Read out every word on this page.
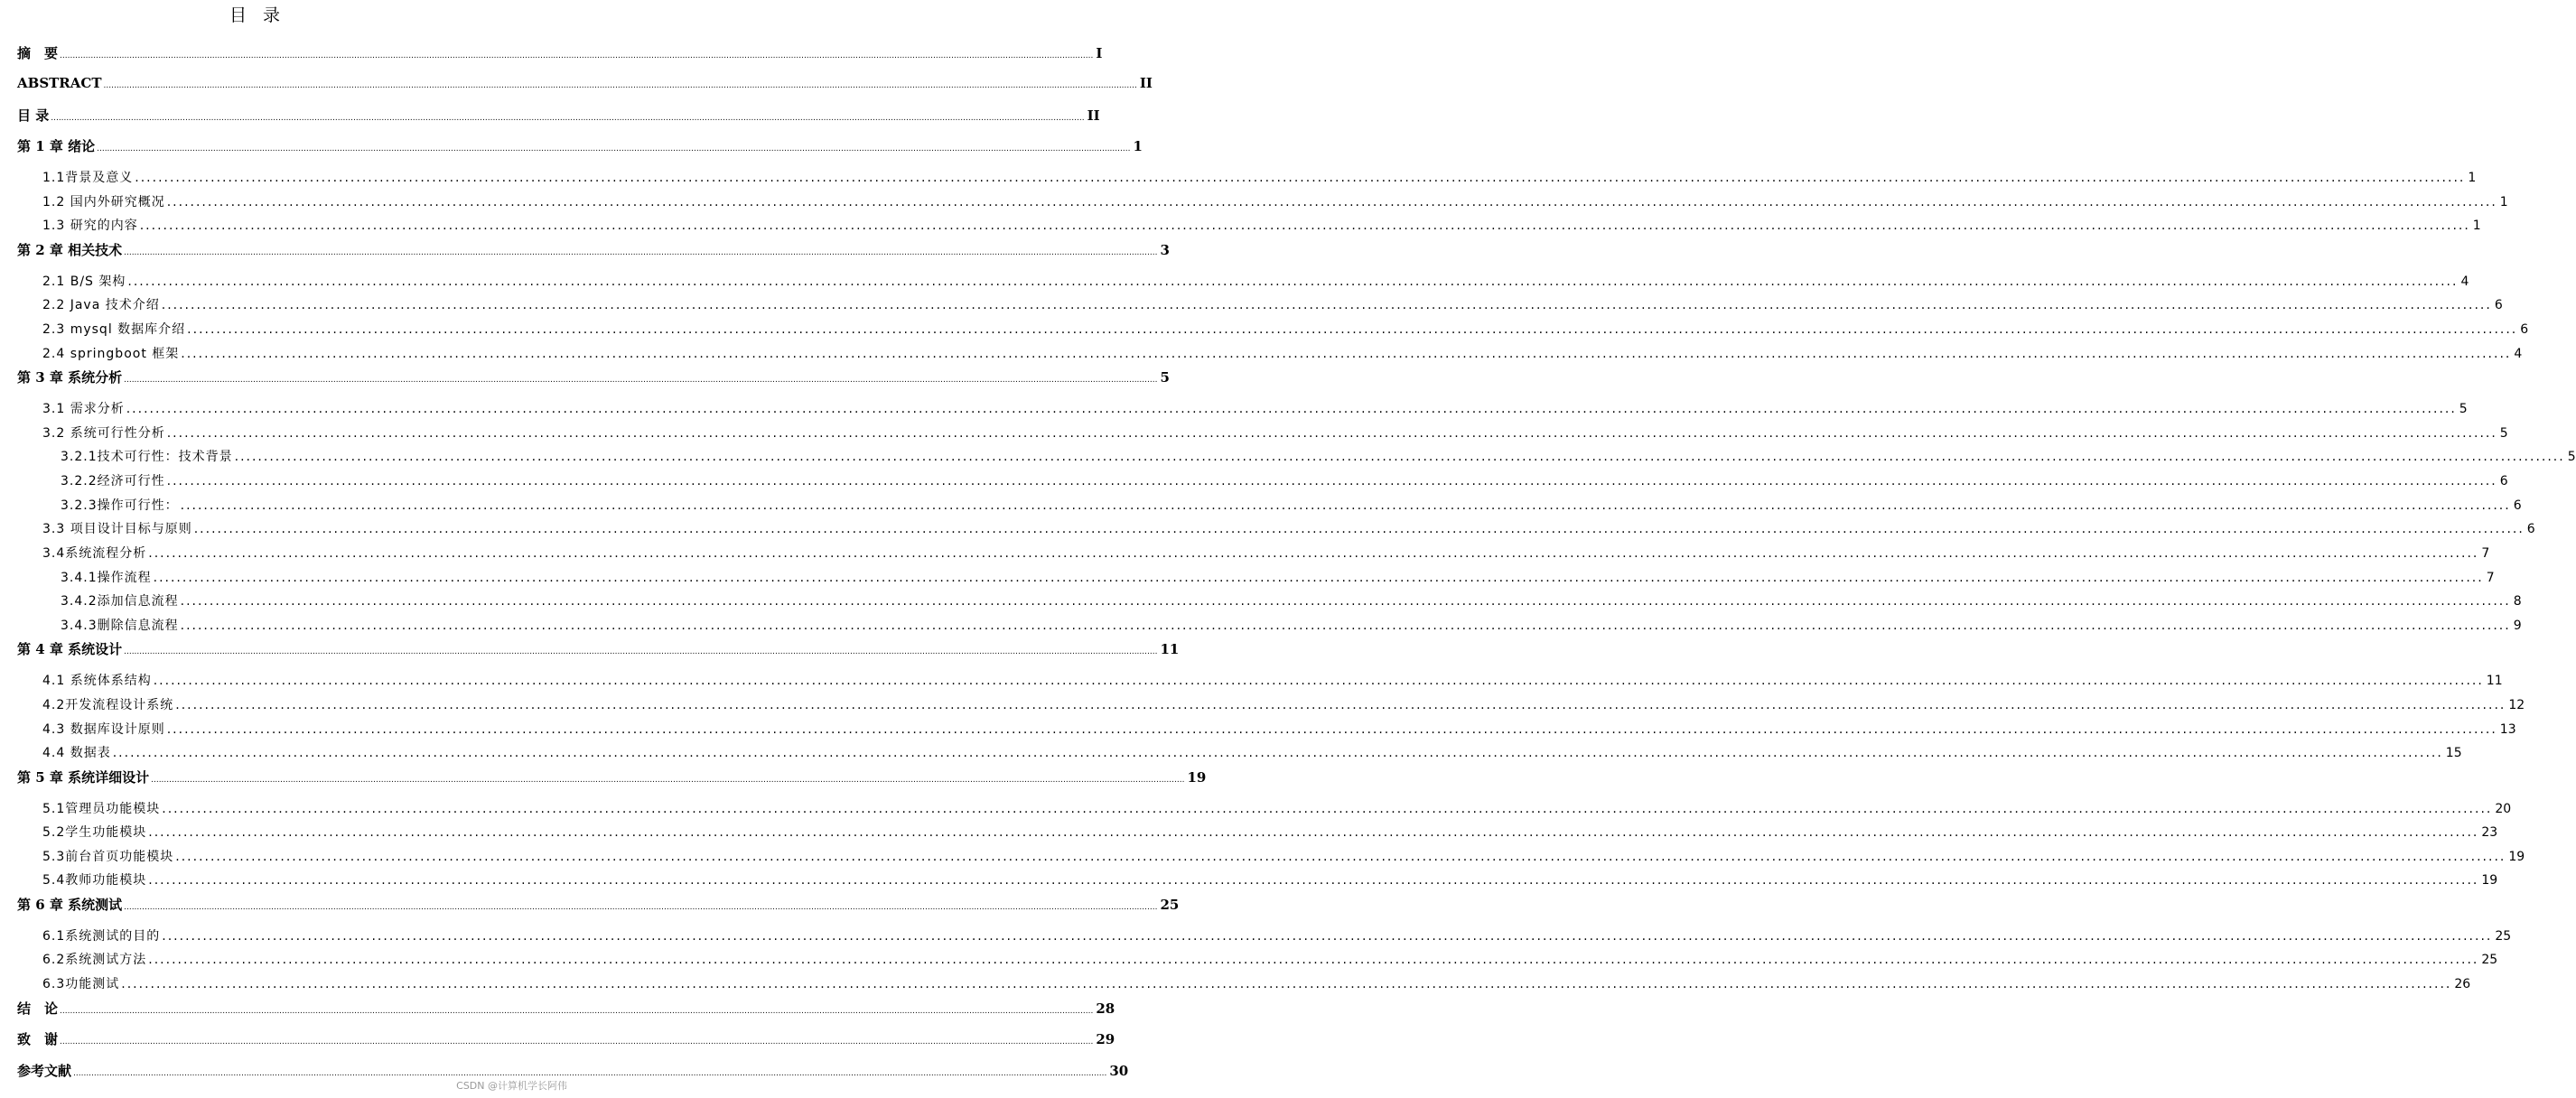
目 录
摘　要 ................................................................................................................................................................................................................................................................................................................................................................................................................ I
ABSTRACT ................................................................................................................................................................................................................................................................................................................................................................................................................ II
目 录 ................................................................................................................................................................................................................................................................................................................................................................................................................ II
第 1 章 绪论 ................................................................................................................................................................................................................................................................................................................................................................................................................ 1
1.1背景及意义 ................................................................................................................................................................................................................................................................................................................................................................................................................ 1
1.2 国内外研究概况 ................................................................................................................................................................................................................................................................................................................................................................................................................ 1
1.3 研究的内容 ................................................................................................................................................................................................................................................................................................................................................................................................................ 1
第 2 章 相关技术 ................................................................................................................................................................................................................................................................................................................................................................................................................ 3
2.1 B/S 架构 ................................................................................................................................................................................................................................................................................................................................................................................................................ 4
2.2 Java 技术介绍 ................................................................................................................................................................................................................................................................................................................................................................................................................ 6
2.3 mysql 数据库介绍 ................................................................................................................................................................................................................................................................................................................................................................................................................ 6
2.4 springboot 框架 ................................................................................................................................................................................................................................................................................................................................................................................................................ 4
第 3 章 系统分析 ................................................................................................................................................................................................................................................................................................................................................................................................................ 5
3.1 需求分析 ................................................................................................................................................................................................................................................................................................................................................................................................................ 5
3.2 系统可行性分析 ................................................................................................................................................................................................................................................................................................................................................................................................................ 5
3.2.1技术可行性：技术背景 ................................................................................................................................................................................................................................................................................................................................................................................................................ 5
3.2.2经济可行性 ................................................................................................................................................................................................................................................................................................................................................................................................................ 6
3.2.3操作可行性： ................................................................................................................................................................................................................................................................................................................................................................................................................ 6
3.3 项目设计目标与原则 ................................................................................................................................................................................................................................................................................................................................................................................................................ 6
3.4系统流程分析 ................................................................................................................................................................................................................................................................................................................................................................................................................ 7
3.4.1操作流程 ................................................................................................................................................................................................................................................................................................................................................................................................................ 7
3.4.2添加信息流程 ................................................................................................................................................................................................................................................................................................................................................................................................................ 8
3.4.3删除信息流程 ................................................................................................................................................................................................................................................................................................................................................................................................................ 9
第 4 章 系统设计 ................................................................................................................................................................................................................................................................................................................................................................................................................ 11
4.1 系统体系结构 ................................................................................................................................................................................................................................................................................................................................................................................................................ 11
4.2开发流程设计系统 ................................................................................................................................................................................................................................................................................................................................................................................................................ 12
4.3 数据库设计原则 ................................................................................................................................................................................................................................................................................................................................................................................................................ 13
4.4 数据表 ................................................................................................................................................................................................................................................................................................................................................................................................................ 15
第 5 章 系统详细设计 ................................................................................................................................................................................................................................................................................................................................................................................................................ 19
5.1管理员功能模块 ................................................................................................................................................................................................................................................................................................................................................................................................................ 20
5.2学生功能模块 ................................................................................................................................................................................................................................................................................................................................................................................................................ 23
5.3前台首页功能模块 ................................................................................................................................................................................................................................................................................................................................................................................................................ 19
5.4教师功能模块 ................................................................................................................................................................................................................................................................................................................................................................................................................ 19
第 6 章 系统测试 ................................................................................................................................................................................................................................................................................................................................................................................................................ 25
6.1系统测试的目的 ................................................................................................................................................................................................................................................................................................................................................................................................................ 25
6.2系统测试方法 ................................................................................................................................................................................................................................................................................................................................................................................................................ 25
6.3功能测试 ................................................................................................................................................................................................................................................................................................................................................................................................................ 26
结　论 ................................................................................................................................................................................................................................................................................................................................................................................................................ 28
致　谢 ................................................................................................................................................................................................................................................................................................................................................................................................................ 29
参考文献 ................................................................................................................................................................................................................................................................................................................................................................................................................ 30
CSDN @计算机学长阿伟
